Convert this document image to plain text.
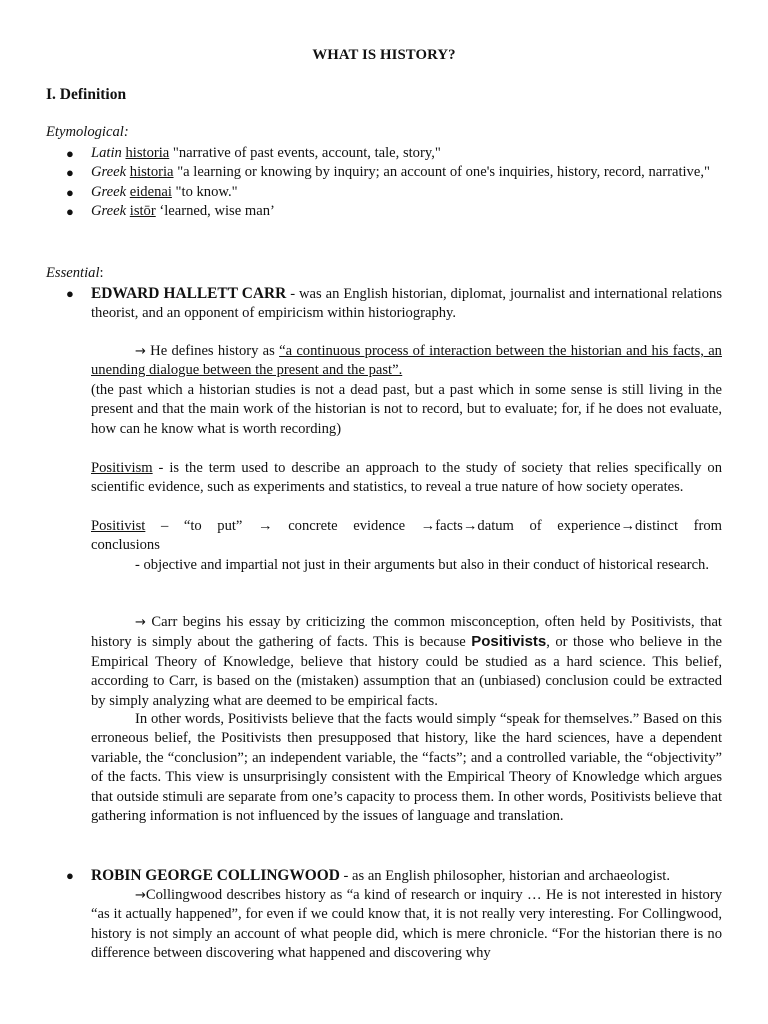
WHAT IS HISTORY?
I. Definition
Etymological:
● Latin historia "narrative of past events, account, tale, story,"
● Greek historia "a learning or knowing by inquiry; an account of one's inquiries, history, record, narrative,"
● Greek eidenai "to know."
● Greek istōr ‘learned, wise man’
Essential:
● EDWARD HALLETT CARR - was an English historian, diplomat, journalist and international relations theorist, and an opponent of empiricism within historiography.
→ He defines history as “a continuous process of interaction between the historian and his facts, an unending dialogue between the present and the past”.
(the past which a historian studies is not a dead past, but a past which in some sense is still living in the present and that the main work of the historian is not to record, but to evaluate; for, if he does not evaluate, how can he know what is worth recording)
Positivism - is the term used to describe an approach to the study of society that relies specifically on scientific evidence, such as experiments and statistics, to reveal a true nature of how society operates.
Positivist – “to put” → concrete evidence →facts→datum of experience→distinct from conclusions
- objective and impartial not just in their arguments but also in their conduct of historical research.
→ Carr begins his essay by criticizing the common misconception, often held by Positivists, that history is simply about the gathering of facts. This is because Positivists, or those who believe in the Empirical Theory of Knowledge, believe that history could be studied as a hard science. This belief, according to Carr, is based on the (mistaken) assumption that an (unbiased) conclusion could be extracted by simply analyzing what are deemed to be empirical facts.
In other words, Positivists believe that the facts would simply “speak for themselves.” Based on this erroneous belief, the Positivists then presupposed that history, like the hard sciences, have a dependent variable, the “conclusion”; an independent variable, the “facts”; and a controlled variable, the “objectivity” of the facts. This view is unsurprisingly consistent with the Empirical Theory of Knowledge which argues that outside stimuli are separate from one’s capacity to process them. In other words, Positivists believe that gathering information is not influenced by the issues of language and translation.
● ROBIN GEORGE COLLINGWOOD - as an English philosopher, historian and archaeologist.
→Collingwood describes history as “a kind of research or inquiry … He is not interested in history “as it actually happened”, for even if we could know that, it is not really very interesting. For Collingwood, history is not simply an account of what people did, which is mere chronicle. “For the historian there is no difference between discovering what happened and discovering why
